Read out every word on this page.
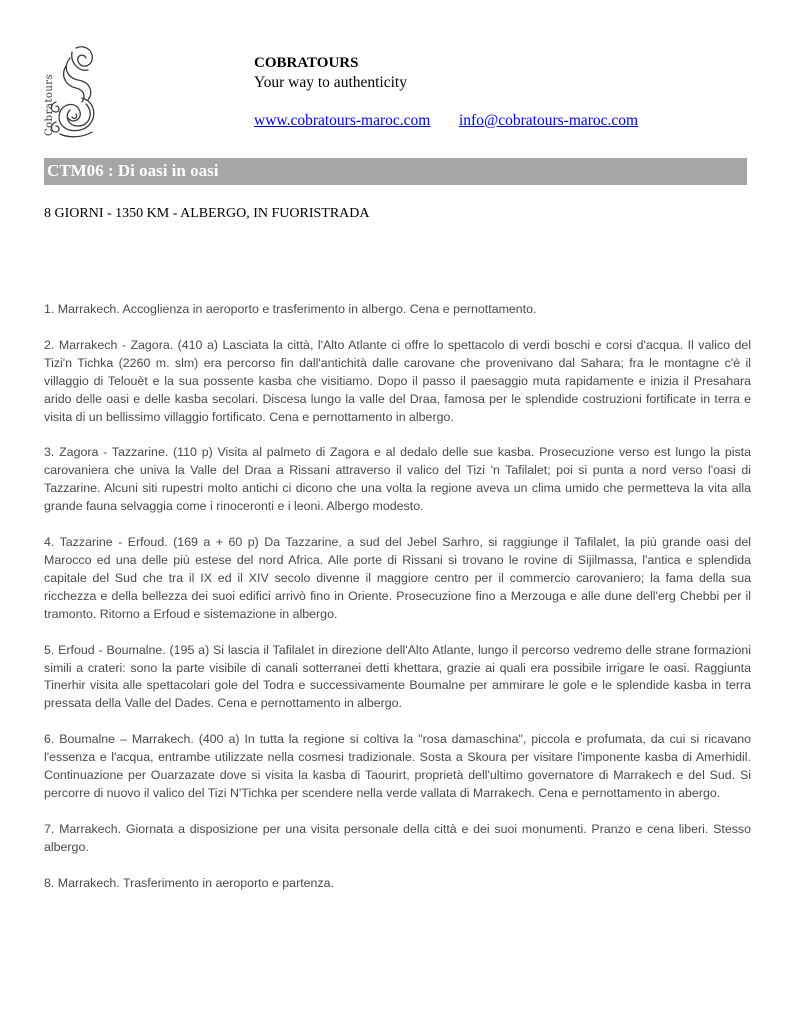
Cobratours
COBRATOURS
Your way to authenticity
www.cobratours-maroc.com info@cobratours-maroc.com
CTM06 : Di oasi in oasi
8 GIORNI - 1350 KM - ALBERGO, IN FUORISTRADA

1. Marrakech. Accoglienza in aeroporto e trasferimento in albergo. Cena e pernottamento.

2. Marrakech - Zagora. (410 a) Lasciata la città, l'Alto Atlante ci offre lo spettacolo di verdi boschi e corsi d'acqua. Il valico del Tizi'n Tichka (2260 m. slm) era percorso fin dall'antichità dalle carovane che provenivano dal Sahara; fra le montagne c'è il villaggio di Telouèt e la sua possente kasba che visitiamo. Dopo il passo il paesaggio muta rapidamente e inizia il Presahara arido delle oasi e delle kasba secolari. Discesa lungo la valle del Draa, famosa per le splendide costruzioni fortificate in terra e visita di un bellissimo villaggio fortificato. Cena e pernottamento in albergo.

3. Zagora - Tazzarine. (110 p) Visita al palmeto di Zagora e al dedalo delle sue kasba. Prosecuzione verso est lungo la pista carovaniera che univa la Valle del Draa a Rissani attraverso il valico del Tizi 'n Tafilalet; poi si punta a nord verso l'oasi di Tazzarine. Alcuni siti rupestri molto antichi ci dicono che una volta la regione aveva un clima umido che permetteva la vita alla grande fauna selvaggia come i rinoceronti e i leoni. Albergo modesto.

4. Tazzarine - Erfoud. (169 a + 60 p) Da Tazzarine, a sud del Jebel Sarhro, si raggiunge il Tafilalet, la più grande oasi del Marocco ed una delle più estese del nord Africa. Alle porte di Rissani si trovano le rovine di Sijilmassa, l'antica e splendida capitale del Sud che tra il IX ed il XIV secolo divenne il maggiore centro per il commercio carovaniero; la fama della sua ricchezza e della bellezza dei suoi edifici arrivò fino in Oriente. Prosecuzione fino a Merzouga e alle dune dell'erg Chebbi per il tramonto. Ritorno a Erfoud e sistemazione in albergo.

5. Erfoud - Boumalne. (195 a) Si lascia il Tafilalet in direzione dell'Alto Atlante, lungo il percorso vedremo delle strane formazioni simili a crateri: sono la parte visibile di canali sotterranei detti khettara, grazie ai quali era possibile irrigare le oasi. Raggiunta Tinerhir visita alle spettacolari gole del Todra e successivamente Boumalne per ammirare le gole e le splendide kasba in terra pressata della Valle del Dades. Cena e pernottamento in albergo.

6. Boumalne – Marrakech. (400 a) In tutta la regione si coltiva la "rosa damaschina", piccola e profumata, da cui si ricavano l'essenza e l'acqua, entrambe utilizzate nella cosmesi tradizionale. Sosta a Skoura per visitare l'imponente kasba di Amerhidil. Continuazione per Ouarzazate dove si visita la kasba di Taourirt, proprietà dell'ultimo governatore di Marrakech e del Sud. Si percorre di nuovo il valico del Tizi N'Tichka per scendere nella verde vallata di Marrakech. Cena e pernottamento in abergo.

7. Marrakech. Giornata a disposizione per una visita personale della città e dei suoi monumenti. Pranzo e cena liberi. Stesso albergo.

8. Marrakech. Trasferimento in aeroporto e partenza.
